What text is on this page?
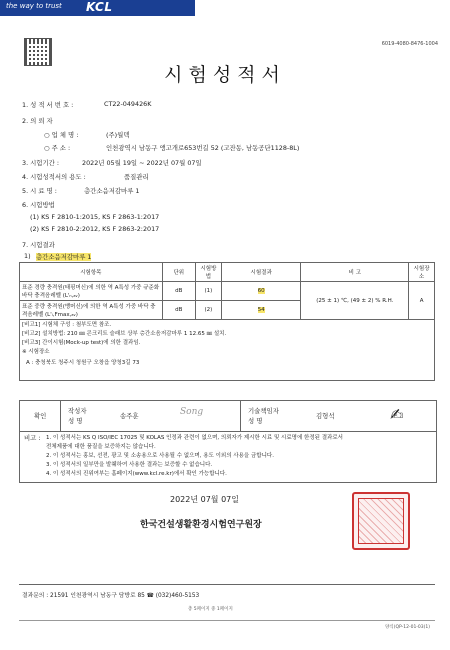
the way to trust KCL
6019-4080-8476-1004
시험성적서
1. 성 적 서 번 호 :	CT22-049426K
2. 의 뢰 자
○ 업 체 명 :	(주)월덱
○ 주 소 :	인천광역시 남동구 앵고개로653번길 52 (고잔동, 남동공단1128-8L)
3. 시험기간 :	2022년 05월 19일 ~ 2022년 07월 07일
4. 시험성적서의 용도 :	품질관리
5. 시 료 명 :	층간소음저감마루 1
6. 시험방법
(1) KS F 2810-1:2015, KS F 2863-1:2017
(2) KS F 2810-2:2012, KS F 2863-2:2017
7. 시험결과
1) 층간소음저감마루 1
시험항목	단위	시험방법	시험결과	비 고	시험장소
표준 경량 충격원(태핑머신)에 의한 역 A특성 가중 규준화 바닥 충격음레벨 (L'ₙ,ₐᵥ)	dB	(1)	60	(25 ± 1) ℃, (49 ± 2) % R.H.	A
표준 중량 충격원(뱅머신)에 의한 역 A특성 가중 바닥 충격음레벨 (L'ᵢ,Fmax,ₐᵥ)	dB	(2)	54		

[비고1] 시험체 구성 : 첨부도면 참조.
[비고2] 설치방법: 210 ㎜ 콘크리트 슬래브 상부 층간소음저감마루 1 12.65 ㎜ 설치.
[비고3] 간이시험(Mock-up test)에 의한 결과임.
※ 시험장소
A : 충청북도 청주시 청원구 오창읍 양청3길 73					
확인
작성자
성 명
송주훈	Song	기술책임자
성 명
김형석	✍
비고 : 1. 이 성적서는 KS Q ISO/IEC 17025 및 KOLAS 인정과 관련이 없으며, 의뢰자가 제시한 시료 및 시료명에 한정된 결과로서
전체제품에 대한 품질을 보증하지는 않습니다.
2. 이 성적서는 홍보, 선전, 광고 및 소송용으로 사용될 수 없으며, 용도 이외의 사용을 금합니다.
3. 이 성적서의 일부만을 발췌하여 사용한 결과는 보증할 수 없습니다.
4. 이 성적서의 진위여부는 홈페이지(www.kcl.re.kr)에서 확인 가능합니다.
2022년 07월 07일
한국건설생활환경시험연구원장
결과문의 : 21591 인천광역시 남동구 담방로 85 ☎ (032)460-5153
총 5페이지 중 1페이지
양식(QP-12-01-03(1)
